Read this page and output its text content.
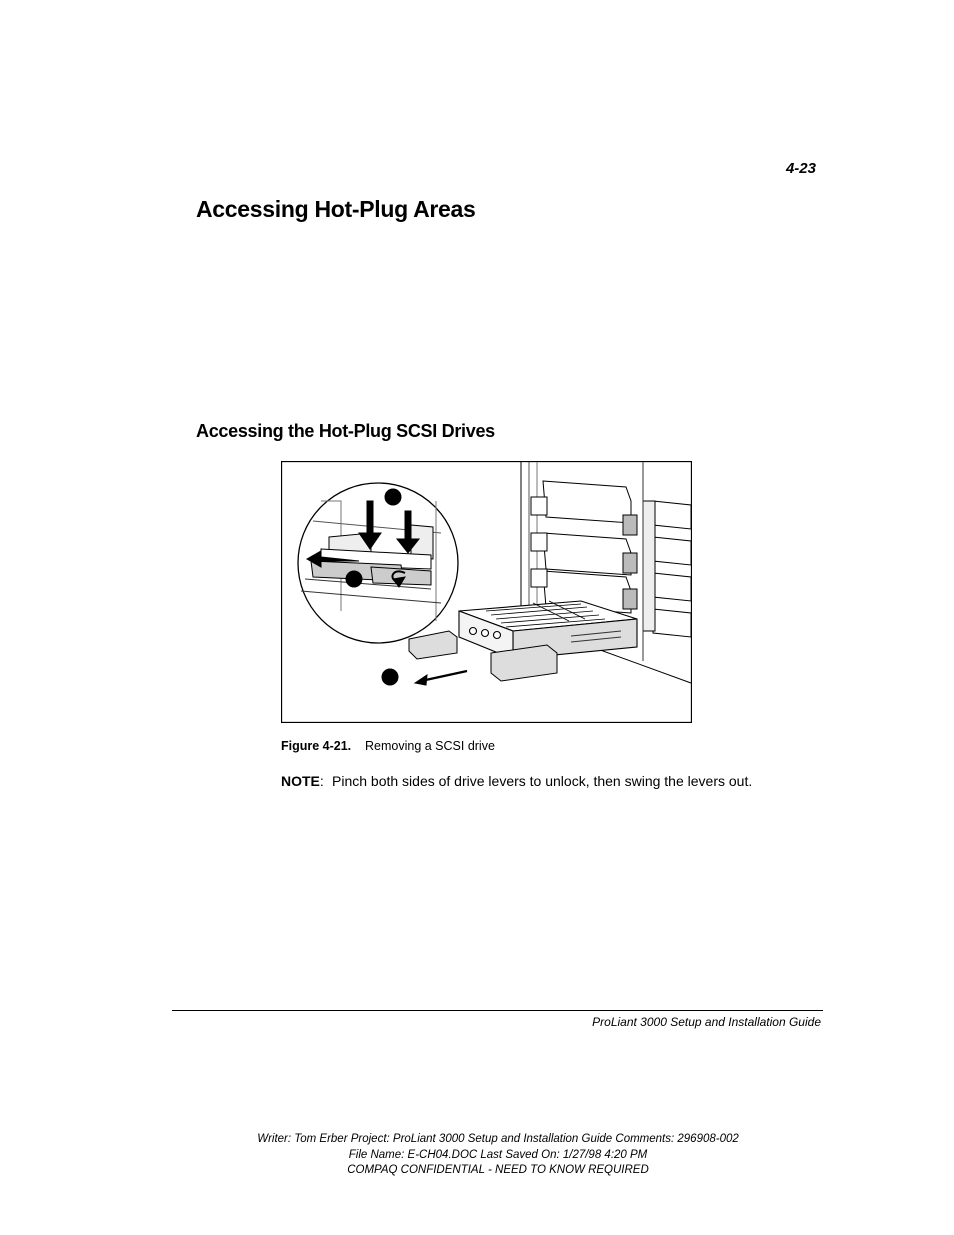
4-23
Accessing Hot-Plug Areas
Accessing the Hot-Plug SCSI Drives
Figure 4-21. Removing a SCSI drive
NOTE: Pinch both sides of drive levers to unlock, then swing the levers out.
ProLiant 3000 Setup and Installation Guide
Writer: Tom Erber Project: ProLiant 3000 Setup and Installation Guide Comments: 296908-002
File Name: E-CH04.DOC Last Saved On: 1/27/98 4:20 PM
COMPAQ CONFIDENTIAL - NEED TO KNOW REQUIRED
